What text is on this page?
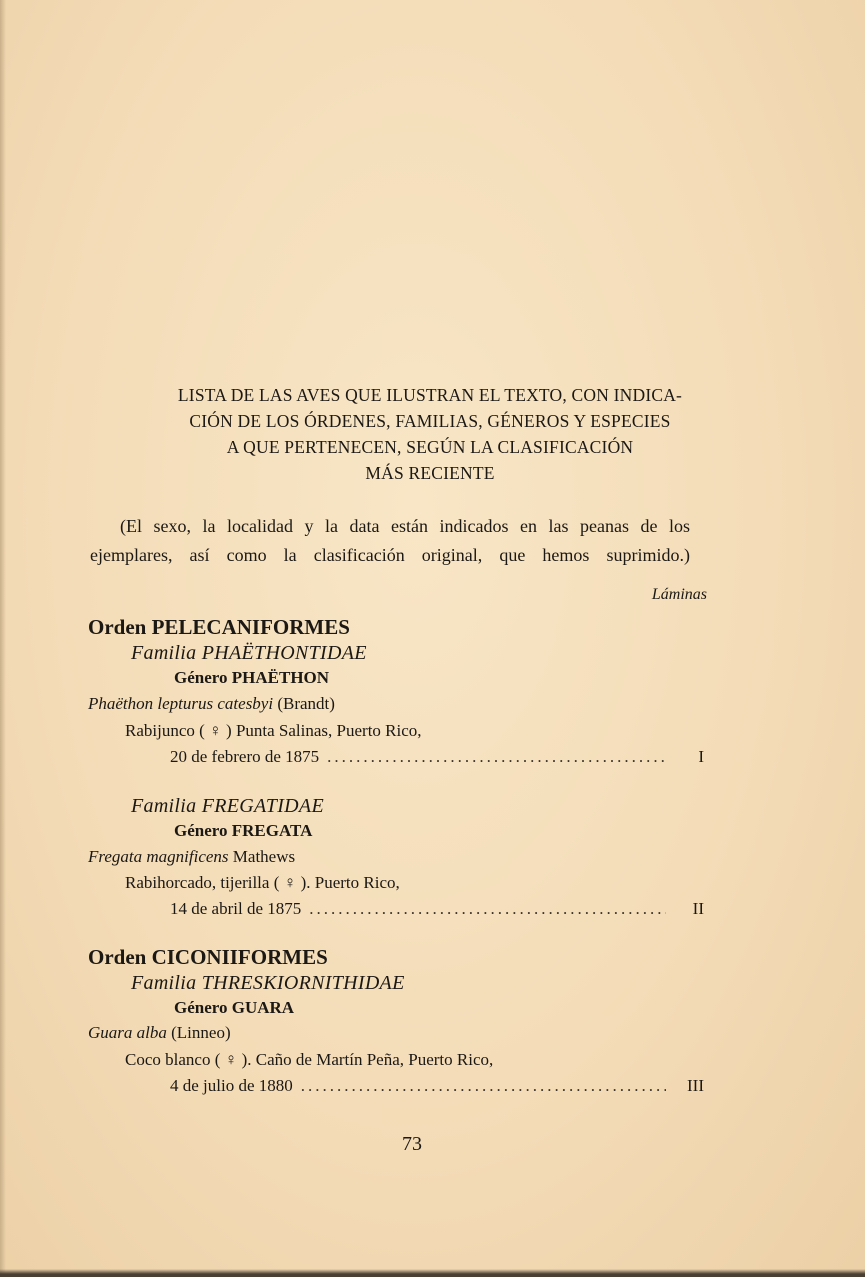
LISTA DE LAS AVES QUE ILUSTRAN EL TEXTO, CON INDICA-
CIÓN DE LOS ÓRDENES, FAMILIAS, GÉNEROS Y ESPECIES
A QUE PERTENECEN, SEGÚN LA CLASIFICACIÓN
MÁS RECIENTE
(El sexo, la localidad y la data están indicados en las peanas de los
ejemplares, así como la clasificación original, que hemos suprimido.)
Láminas
Orden PELECANIFORMES
Familia PHAËTHONTIDAE
Género PHAËTHON
Phaëthon lepturus catesbyi (Brandt)
Rabijunco ( ♀ ) Punta Salinas, Puerto Rico,
20 de febrero de 1875 .....	I
Familia FREGATIDAE
Género FREGATA
Fregata magnificens Mathews
Rabihorcado, tijerilla ( ♀ ). Puerto Rico,
14 de abril de 1875 .....	II
Orden CICONIIFORMES
Familia THRESKIORNITHIDAE
Género GUARA
Guara alba (Linneo)
Coco blanco ( ♀ ). Caño de Martín Peña, Puerto Rico,
4 de julio de 1880 .....	III
73
